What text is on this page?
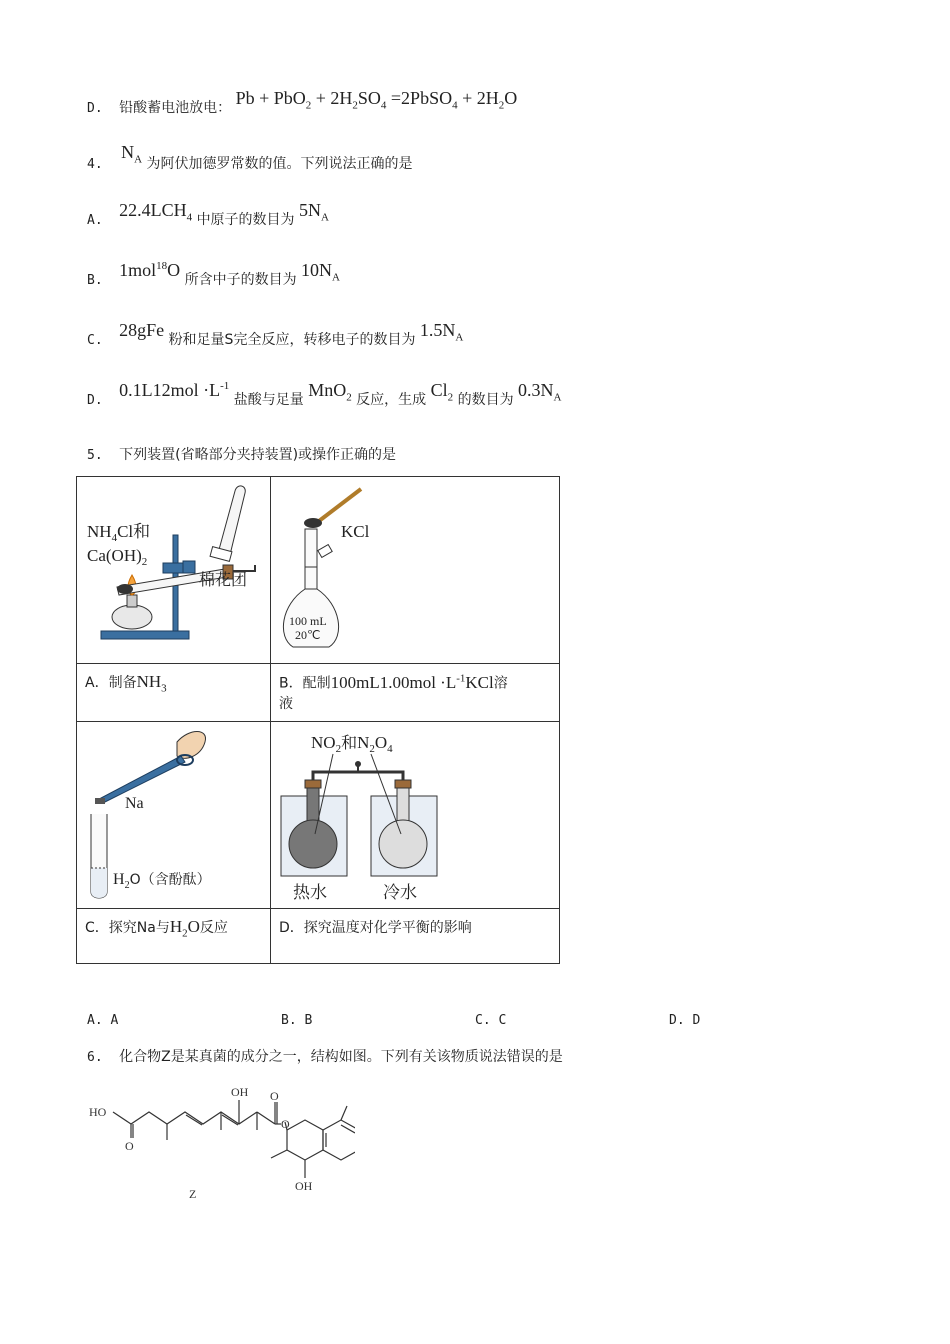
D. 铅酸蓄电池放电： $Pb + PbO_2 + 2H_2SO_4$ =2PbSO$_4$ + $2H_2O$
4. $N_A$ 为阿伏加德罗常数的值。下列说法正确的是
A. $22.4LCH_4$ 中原子的数目为 $5N_A$
B. 1mol$^{18}$O 所含中子的数目为 $10N_A$
C. 28gFe 粉和足量S完全反应，转移电子的数目为 $1.5N_A$
D. $0.1L12mol \cdot L^{-1}$ 盐酸与足量 MnO$_2$ 反应，生成 $Cl_2$ 的数目为 $0.3N_A$
5. 下列装置(省略部分夹持装置)或操作正确的是
$NH_4Cl$和
$Ca(OH)_2$
棉花团	KCl
100 mL
20℃

A．制备$NH_3$	B．配制$100mL1.00mol \cdot L^{-1}KCl$溶
液

Na
$H_2O$（含酚酞）	$NO_2$和$N_2O_4$
热水 冷水

C．探究Na与$H_2O$反应	D．探究温度对化学平衡的影响
A. A	B. B	C. C	D. D
6. 化合物Z是某真菌的成分之一，结构如图。下列有关该物质说法错误的是
HO
O
OH O
O
OH
Z
